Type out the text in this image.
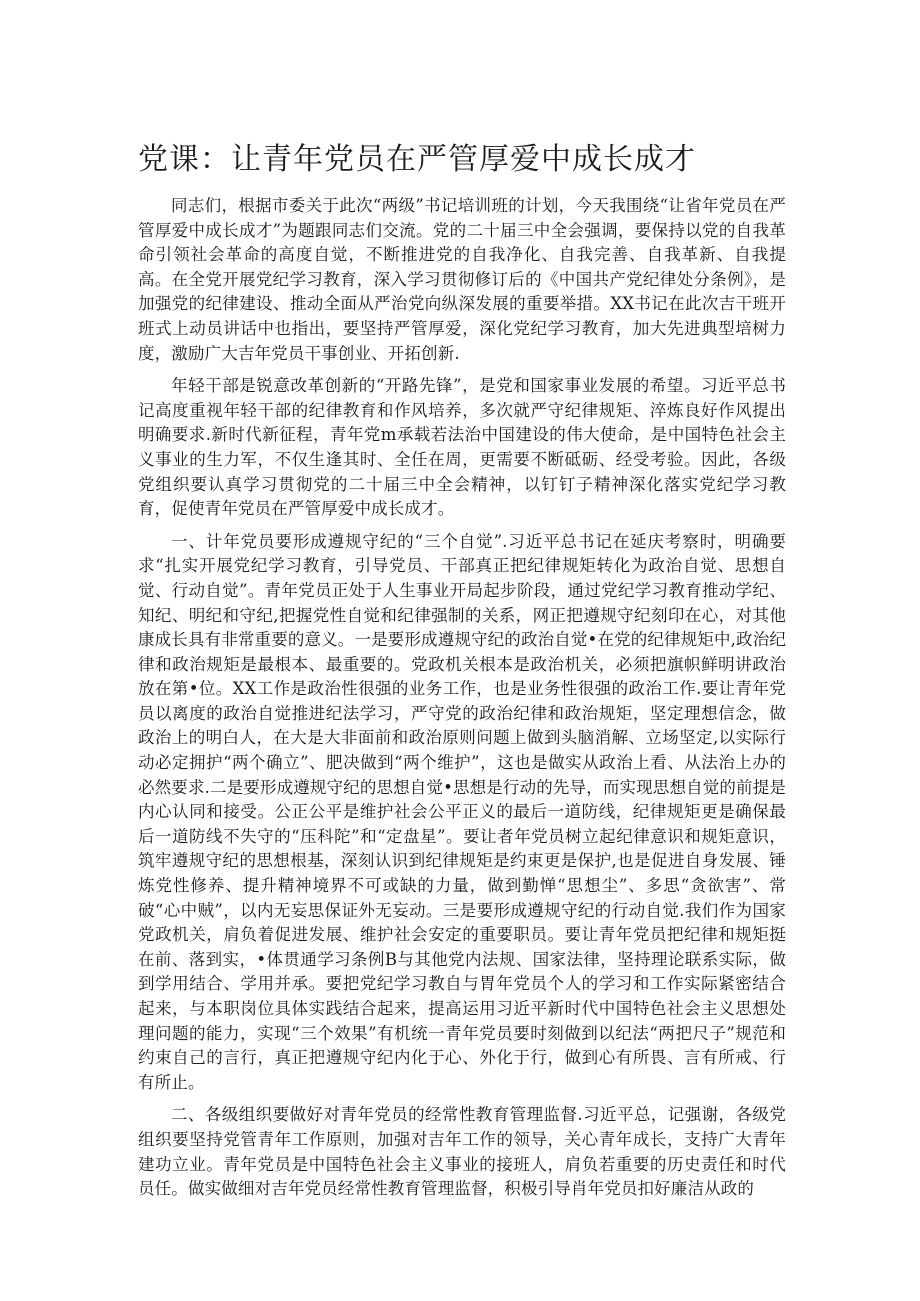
党课：让青年党员在严管厚爱中成长成才

同志们，根据市委关于此次“两级”书记培训班的计划，今天我围绕“让省年党员在严管厚爱中成长成才”为题跟同志们交流。党的二十届三中全会强调，要保持以党的自我革命引领社会革命的高度自觉，不断推进党的自我净化、自我完善、自我革新、自我提高。在全党开展党纪学习教育，深入学习贯彻修订后的《中国共产党纪律处分条例》，是加强党的纪律建设、推动全面从严治党向纵深发展的重要举措。XX书记在此次吉干班开班式上动员讲话中也指出，要坚持严管厚爱，深化党纪学习教育，加大先进典型培树力度，激励广大吉年党员干事创业、开拓创新.

年轻干部是锐意改革创新的“开路先锋”，是党和国家事业发展的希望。习近平总书记高度重视年轻干部的纪律教育和作风培养，多次就严守纪律规矩、淬炼良好作风提出明确要求.新时代新征程，青年党m承载若法治中国建设的伟大使命，是中国特色社会主义事业的生力军，不仅生逢其时、全任在周，更需要不断砥砺、经受考验。因此，各级党组织要认真学习贯彻党的二十届三中全会精神，以钉钉子精神深化落实党纪学习教育，促使青年党员在严管厚爱中成长成才。

一、计年党员要形成遵规守纪的“三个自觉”.习近平总书记在延庆考察时，明确要求“扎实开展党纪学习教育，引导党员、干部真正把纪律规矩转化为政治自觉、思想自觉、行动自觉”。青年党员正处于人生事业开局起步阶段，通过党纪学习教育推动学纪、知纪、明纪和守纪,把握党性自觉和纪律强制的关系，网正把遵规守纪刻印在心，对其他康成长具有非常重要的意义。一是要形成遵规守纪的政治自觉•在党的纪律规矩中,政治纪律和政治规矩是最根本、最重要的。党政机关根本是政治机关，必须把旗帜鲜明讲政治放在第•位。XX工作是政治性很强的业务工作，也是业务性很强的政治工作.要让青年党员以离度的政治自觉推进纪法学习，严守党的政治纪律和政治规矩，坚定理想信念，做政治上的明白人，在大是大非面前和政治原则问题上做到头脑消解、立场坚定,以实际行动必定拥护“两个确立”、肥决做到“两个维护”，这也是做实从政治上看、从法治上办的必然要求.二是要形成遵规守纪的思想自觉•思想是行动的先导，而实现思想自觉的前提是内心认同和接受。公正公平是维护社会公平正义的最后一道防线，纪律规矩更是确保最后一道防线不失守的“压科陀”和“定盘星”。要让者年党员树立起纪律意识和规矩意识，筑牢遵规守纪的思想根基，深刻认识到纪律规矩是约束更是保护,也是促进自身发展、锤炼党性修养、提升精神境界不可或缺的力量，做到勤惮“思想尘”、多思“贪欲害”、常破“心中贼”，以内无妄思保证外无妄动。三是要形成遵规守纪的行动自觉.我们作为国家党政机关，肩负着促进发展、维护社会安定的重要职员。要让青年党员把纪律和规矩挺在前、落到实，•体贯通学习条例B与其他党内法规、国家法律，坚持理论联系实际，做到学用结合、学用并承。要把党纪学习教自与胃年党员个人的学习和工作实际紧密结合起来，与本职岗位具体实践结合起来，提高运用习近平新时代中国特色社会主义思想处理问题的能力，实现“三个效果”有机统一青年党员要时刻做到以纪法“两把尺子”规范和约束自己的言行，真正把遵规守纪内化于心、外化于行，做到心有所畏、言有所戒、行有所止。

二、各级组织要做好对青年党员的经常性教育管理监督.习近平总，记强谢，各级党组织要坚持党管青年工作原则，加强对吉年工作的领导，关心青年成长，支持广大青年建功立业。青年党员是中国特色社会主义事业的接班人，肩负若重要的历史责任和时代员任。做实做细对吉年党员经常性教育管理监督，积极引导肖年党员扣好廉洁从政的
